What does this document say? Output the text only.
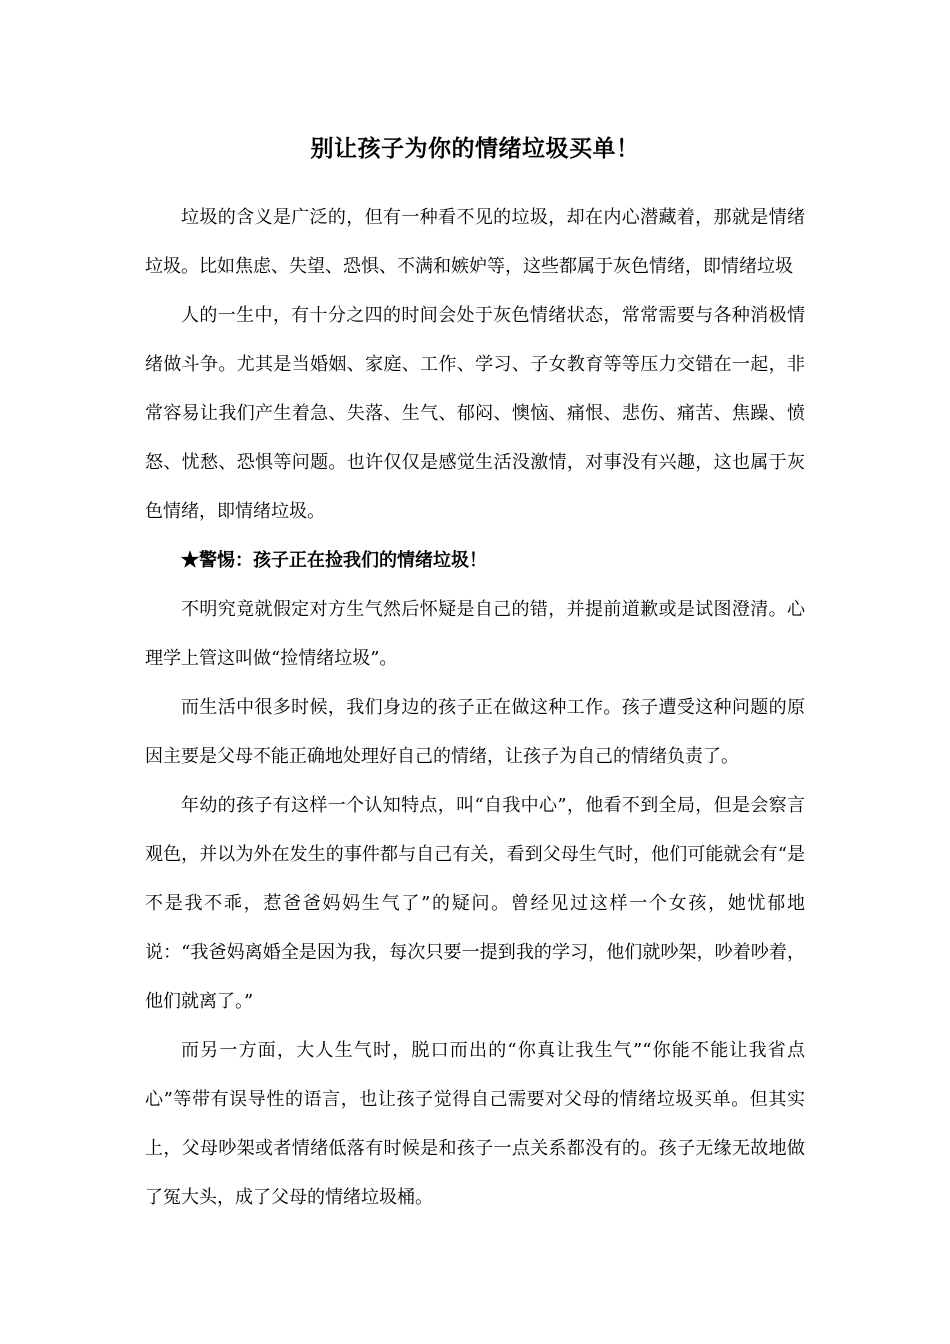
别让孩子为你的情绪垃圾买单！

垃圾的含义是广泛的，但有一种看不见的垃圾，却在内心潜藏着，那就是情绪垃圾。比如焦虑、失望、恐惧、不满和嫉妒等，这些都属于灰色情绪，即情绪垃圾

人的一生中，有十分之四的时间会处于灰色情绪状态，常常需要与各种消极情绪做斗争。尤其是当婚姻、家庭、工作、学习、子女教育等等压力交错在一起，非常容易让我们产生着急、失落、生气、郁闷、懊恼、痛恨、悲伤、痛苦、焦躁、愤怒、忧愁、恐惧等问题。也许仅仅是感觉生活没激情，对事没有兴趣，这也属于灰色情绪，即情绪垃圾。

★警惕：孩子正在捡我们的情绪垃圾！

不明究竟就假定对方生气然后怀疑是自己的错，并提前道歉或是试图澄清。心理学上管这叫做“捡情绪垃圾”。

而生活中很多时候，我们身边的孩子正在做这种工作。孩子遭受这种问题的原因主要是父母不能正确地处理好自己的情绪，让孩子为自己的情绪负责了。

年幼的孩子有这样一个认知特点，叫“自我中心”，他看不到全局，但是会察言观色，并以为外在发生的事件都与自己有关，看到父母生气时，他们可能就会有“是不是我不乖，惹爸爸妈妈生气了”的疑问。曾经见过这样一个女孩，她忧郁地说：“我爸妈离婚全是因为我，每次只要一提到我的学习，他们就吵架，吵着吵着，他们就离了。”

而另一方面，大人生气时，脱口而出的“你真让我生气”“你能不能让我省点心”等带有误导性的语言，也让孩子觉得自己需要对父母的情绪垃圾买单。但其实上，父母吵架或者情绪低落有时候是和孩子一点关系都没有的。孩子无缘无故地做了冤大头，成了父母的情绪垃圾桶。
